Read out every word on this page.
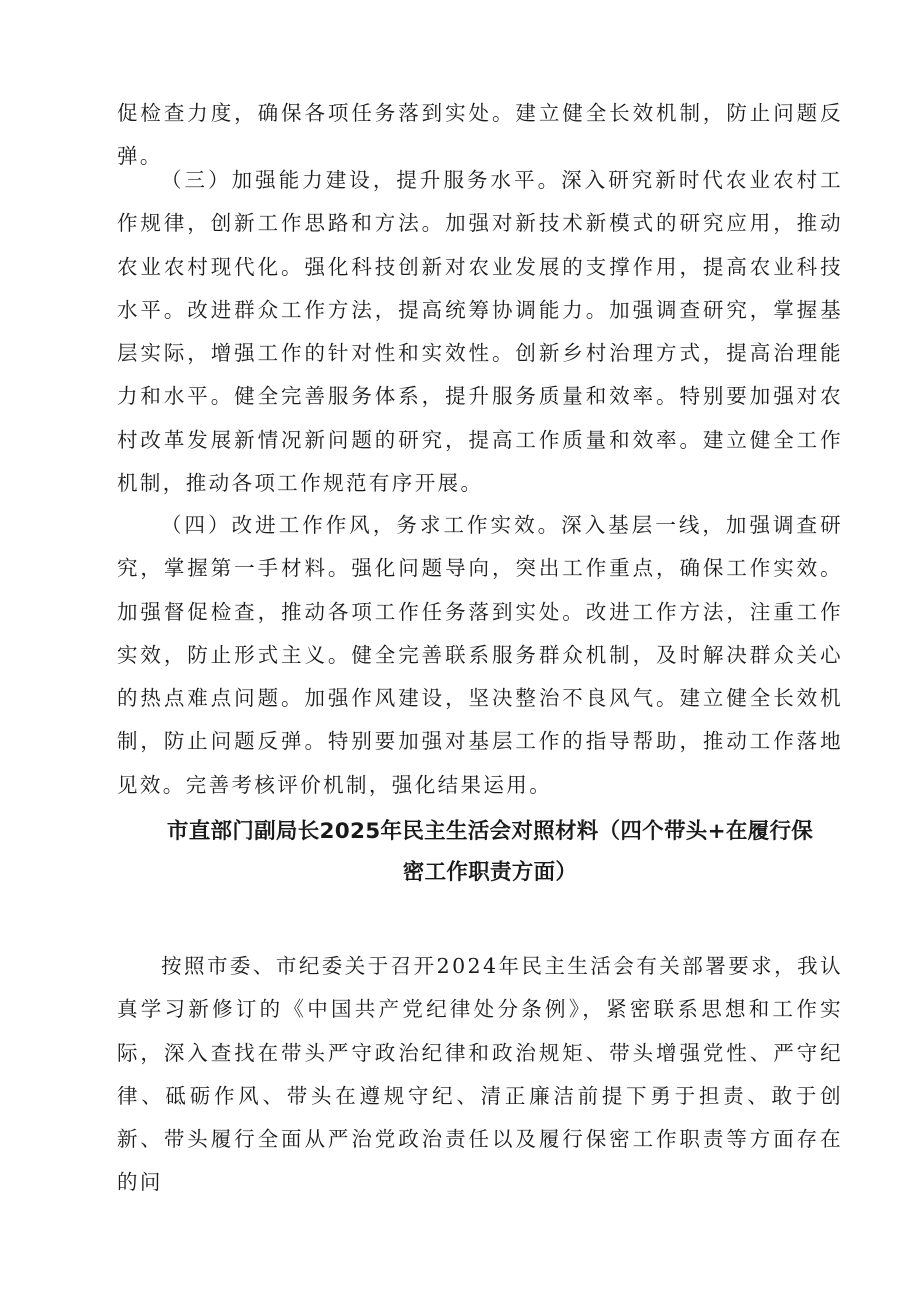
促检查力度，确保各项任务落到实处。建立健全长效机制，防止问题反弹。

（三）加强能力建设，提升服务水平。深入研究新时代农业农村工作规律，创新工作思路和方法。加强对新技术新模式的研究应用，推动农业农村现代化。强化科技创新对农业发展的支撑作用，提高农业科技水平。改进群众工作方法，提高统筹协调能力。加强调查研究，掌握基层实际，增强工作的针对性和实效性。创新乡村治理方式，提高治理能力和水平。健全完善服务体系，提升服务质量和效率。特别要加强对农村改革发展新情况新问题的研究，提高工作质量和效率。建立健全工作机制，推动各项工作规范有序开展。

（四）改进工作作风，务求工作实效。深入基层一线，加强调查研究，掌握第一手材料。强化问题导向，突出工作重点，确保工作实效。加强督促检查，推动各项工作任务落到实处。改进工作方法，注重工作实效，防止形式主义。健全完善联系服务群众机制，及时解决群众关心的热点难点问题。加强作风建设，坚决整治不良风气。建立健全长效机制，防止问题反弹。特别要加强对基层工作的指导帮助，推动工作落地见效。完善考核评价机制，强化结果运用。

市直部门副局长2025年民主生活会对照材料（四个带头+在履行保
密工作职责方面）

按照市委、市纪委关于召开2024年民主生活会有关部署要求，我认真学习新修订的《中国共产党纪律处分条例》，紧密联系思想和工作实际，深入查找在带头严守政治纪律和政治规矩、带头增强党性、严守纪律、砥砺作风、带头在遵规守纪、清正廉洁前提下勇于担责、敢于创新、带头履行全面从严治党政治责任以及履行保密工作职责等方面存在的问
